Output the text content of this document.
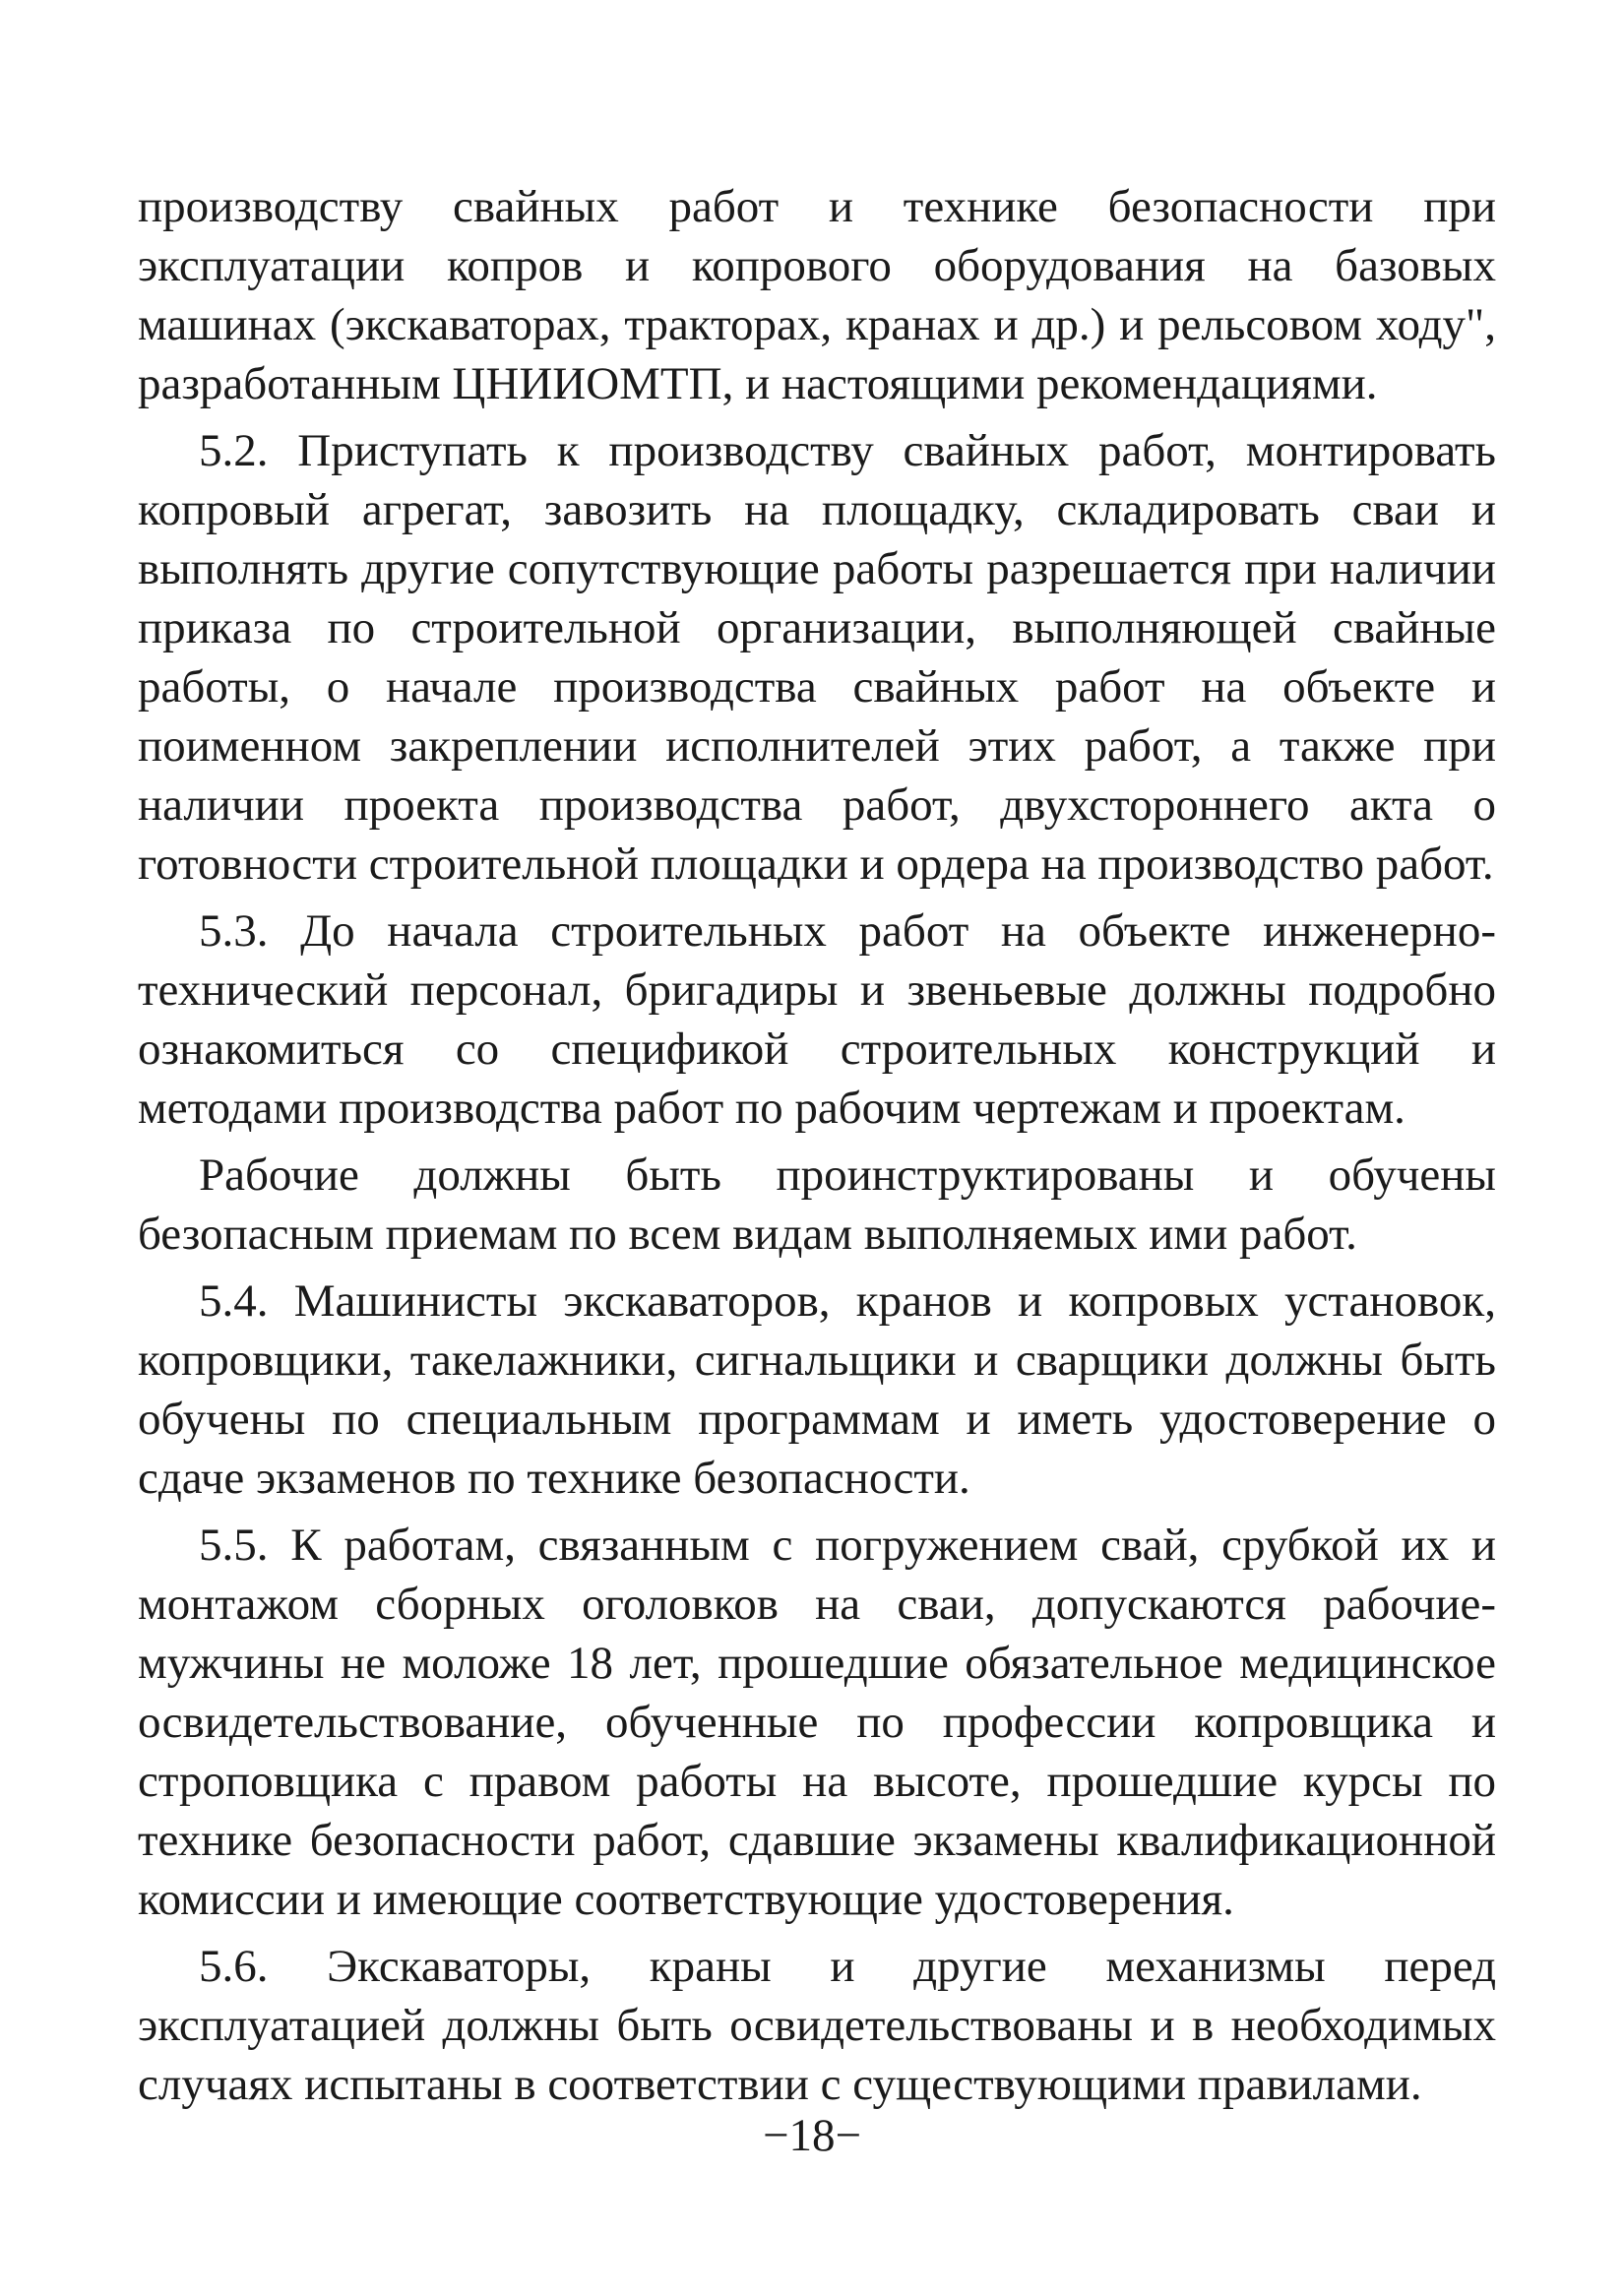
производству свайных работ и технике безопасности при эксплуатации копров и копрового оборудования на базовых машинах (экскаваторах, тракторах, кранах и др.) и рельсовом ходу", разработанным ЦНИИОМТП, и настоящими рекомендациями.

5.2. Приступать к производству свайных работ, монтировать копровый агрегат, завозить на площадку, складировать сваи и выполнять другие сопутствующие работы разрешается при наличии приказа по строительной организации, выполняющей свайные работы, о начале производства свайных работ на объекте и поименном закреплении исполнителей этих работ, а также при наличии проекта производства работ, двухстороннего акта о готовности строительной площадки и ордера на производство работ.

5.3. До начала строительных работ на объекте инженерно-технический персонал, бригадиры и звеньевые должны подробно ознакомиться со спецификой строительных конструкций и методами производства работ по рабочим чертежам и проектам.

Рабочие должны быть проинструктированы и обучены безопасным приемам по всем видам выполняемых ими работ.

5.4. Машинисты экскаваторов, кранов и копровых установок, копровщики, такелажники, сигнальщики и сварщики должны быть обучены по специальным программам и иметь удостоверение о сдаче экзаменов по технике безопасности.

5.5. К работам, связанным с погружением свай, срубкой их и монтажом сборных оголовков на сваи, допускаются рабочие-мужчины не моложе 18 лет, прошедшие обязательное медицинское освидетельствование, обученные по профессии копровщика и строповщика с правом работы на высоте, прошедшие курсы по технике безопасности работ, сдавшие экзамены квалификационной комиссии и имеющие соответствующие удостоверения.

5.6. Экскаваторы, краны и другие механизмы перед эксплуатацией должны быть освидетельствованы и в необходимых случаях испытаны в соответствии с существующими правилами.

−18−
